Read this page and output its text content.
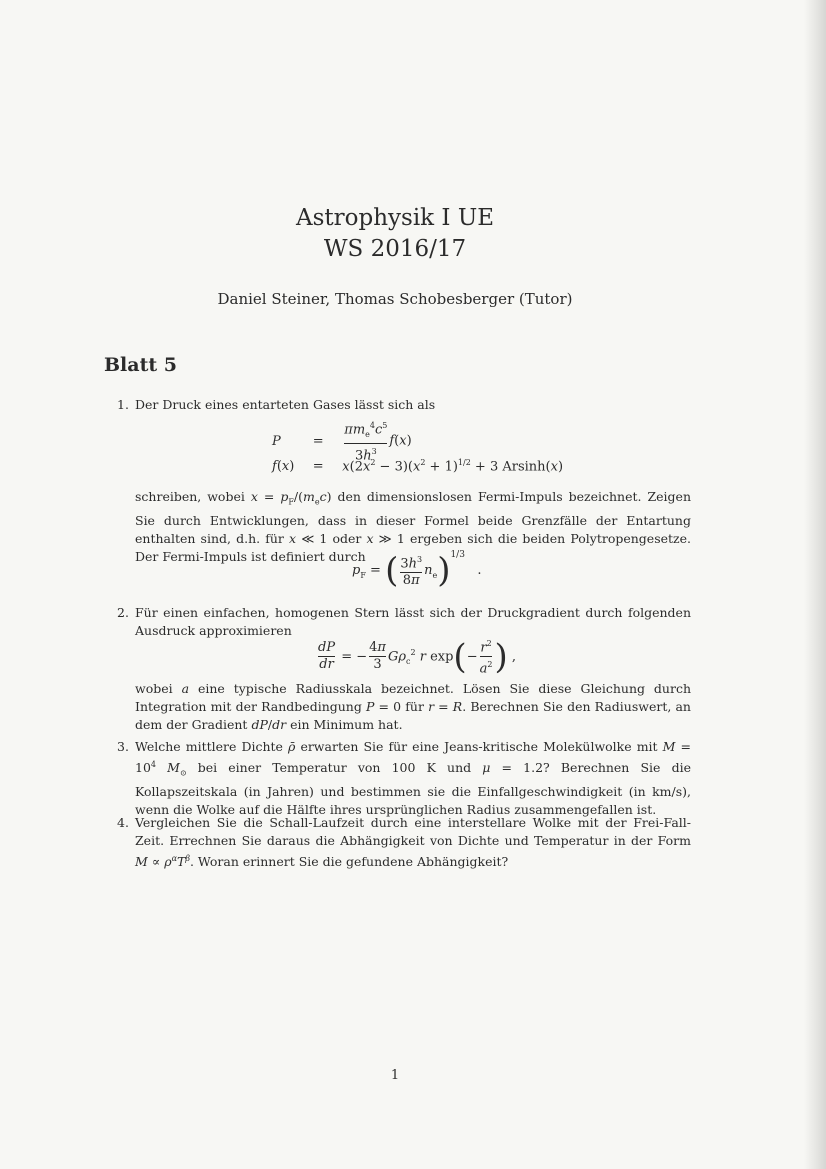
Astrophysik I UE
WS 2016/17
Daniel Steiner, Thomas Schobesberger (Tutor)
Blatt 5
1. Der Druck eines entarteten Gases lässt sich als
$P = \frac{\pi m_e^4c^5}{3h^3} f(x)$
$f(x) = x(2x^2 - 3)(x^2 + 1)^{1/2} + 3$ Arsinh(x)
schreiben, wobei $x = p_F/(m_ec)$ den dimensionslosen Fermi-Impuls bezeichnet. Zeigen Sie durch Entwicklungen, dass in dieser Formel beide Grenzfälle der Entartung enthalten sind, d.h. für x ≪ 1 oder x ≫ 1 ergeben sich die beiden Polytropengesetze. Der Fermi-Impuls ist definiert durch
$p_F$ = ( $\frac{3h^3}{8\pi} n_e)^{1/3}$   .
2. Für einen einfachen, homogenen Stern lässt sich der Druckgradient durch folgenden Ausdruck approximieren
$\frac{dP}{dr}$ = − $\frac{4\pi}{3} G\rho_c^2$ r $\exp(- \frac{r^2}{a^2}$ ) ,
wobei a eine typische Radiusskala bezeichnet. Lösen Sie diese Gleichung durch Integration mit der Randbedingung P = 0 für r = R. Berechnen Sie den Radiuswert, an dem der Gradient dP/dr ein Minimum hat.
3. Welche mittlere Dichte ρ̄ erwarten Sie für eine Jeans-kritische Molekülwolke mit $M = 10^4$ $M_⊙$ bei einer Temperatur von 100 K und μ = 1.2? Berechnen Sie die Kollapszeitskala (in Jahren) und bestimmen sie die Einfallgeschwindigkeit (in km/s), wenn die Wolke auf die Hälfte ihres ursprünglichen Radius zusammengefallen ist.
4. Vergleichen Sie die Schall-Laufzeit durch eine interstellare Wolke mit der Frei-Fall-Zeit. Errechnen Sie daraus die Abhängigkeit von Dichte und Temperatur in der Form $M \propto \rho^\alpha T^\beta$. Woran erinnert Sie die gefundene Abhängigkeit?
1
